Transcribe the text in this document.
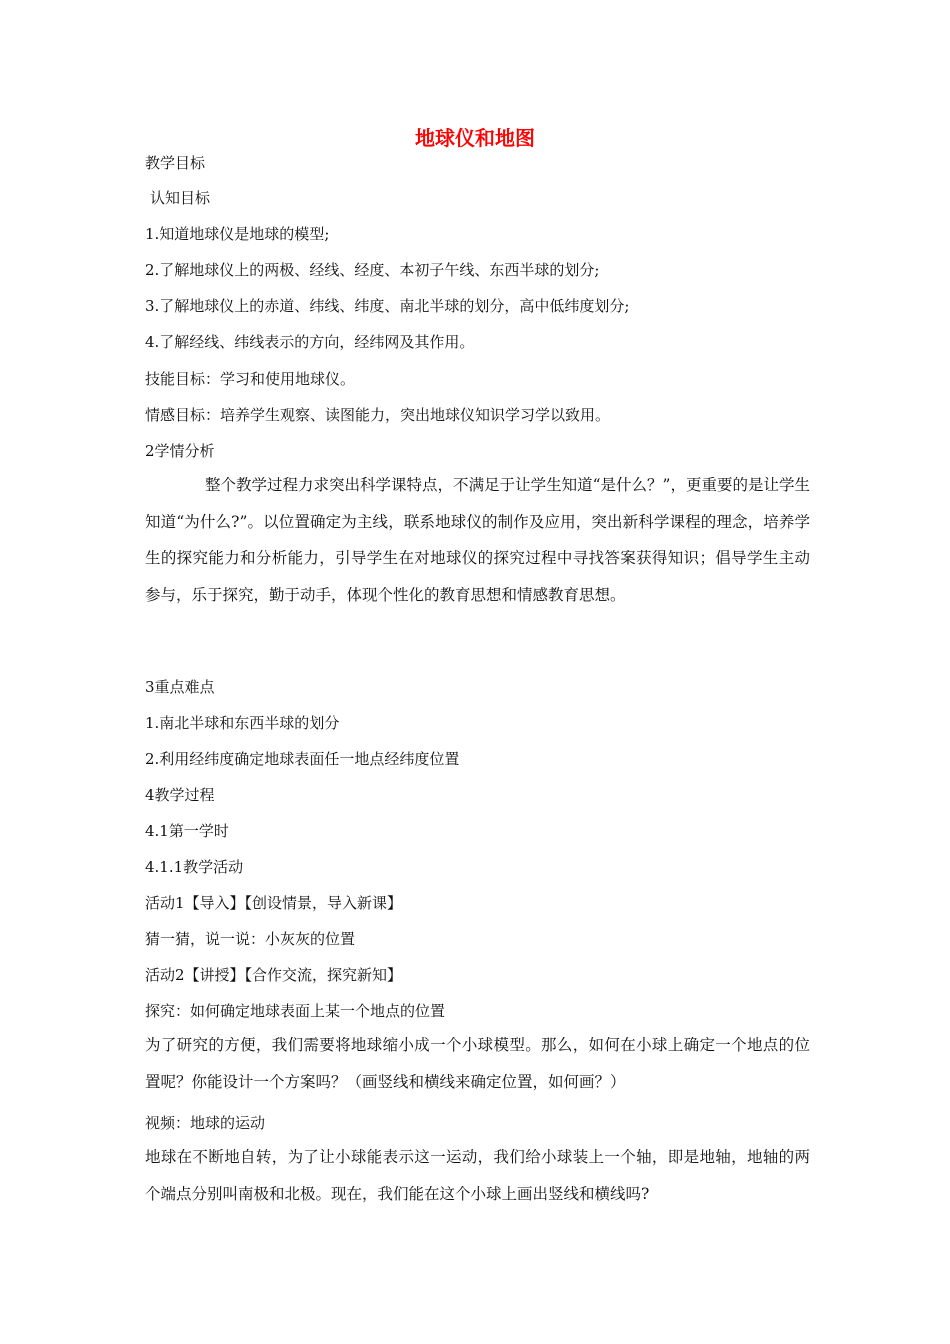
地球仪和地图
教学目标
认知目标
1.知道地球仪是地球的模型;
2.了解地球仪上的两极、经线、经度、本初子午线、东西半球的划分;
3.了解地球仪上的赤道、纬线、纬度、南北半球的划分，高中低纬度划分;
4.了解经线、纬线表示的方向，经纬网及其作用。
技能目标：学习和使用地球仪。
情感目标：培养学生观察、读图能力，突出地球仪知识学习学以致用。
2学情分析
整个教学过程力求突出科学课特点，不满足于让学生知道“是什么？”，更重要的是让学生知道“为什么?”。以位置确定为主线，联系地球仪的制作及应用，突出新科学课程的理念，培养学生的探究能力和分析能力，引导学生在对地球仪的探究过程中寻找答案获得知识；倡导学生主动参与，乐于探究，勤于动手，体现个性化的教育思想和情感教育思想。
3重点难点
1.南北半球和东西半球的划分
2.利用经纬度确定地球表面任一地点经纬度位置
4教学过程
4.1第一学时
4.1.1教学活动
活动1【导入】【创设情景，导入新课】
猜一猜，说一说：小灰灰的位置
活动2【讲授】【合作交流，探究新知】
探究：如何确定地球表面上某一个地点的位置
为了研究的方便，我们需要将地球缩小成一个小球模型。那么，如何在小球上确定一个地点的位置呢？你能设计一个方案吗？（画竖线和横线来确定位置，如何画？）
视频：地球的运动
地球在不断地自转，为了让小球能表示这一运动，我们给小球装上一个轴，即是地轴，地轴的两个端点分别叫南极和北极。现在，我们能在这个小球上画出竖线和横线吗?
